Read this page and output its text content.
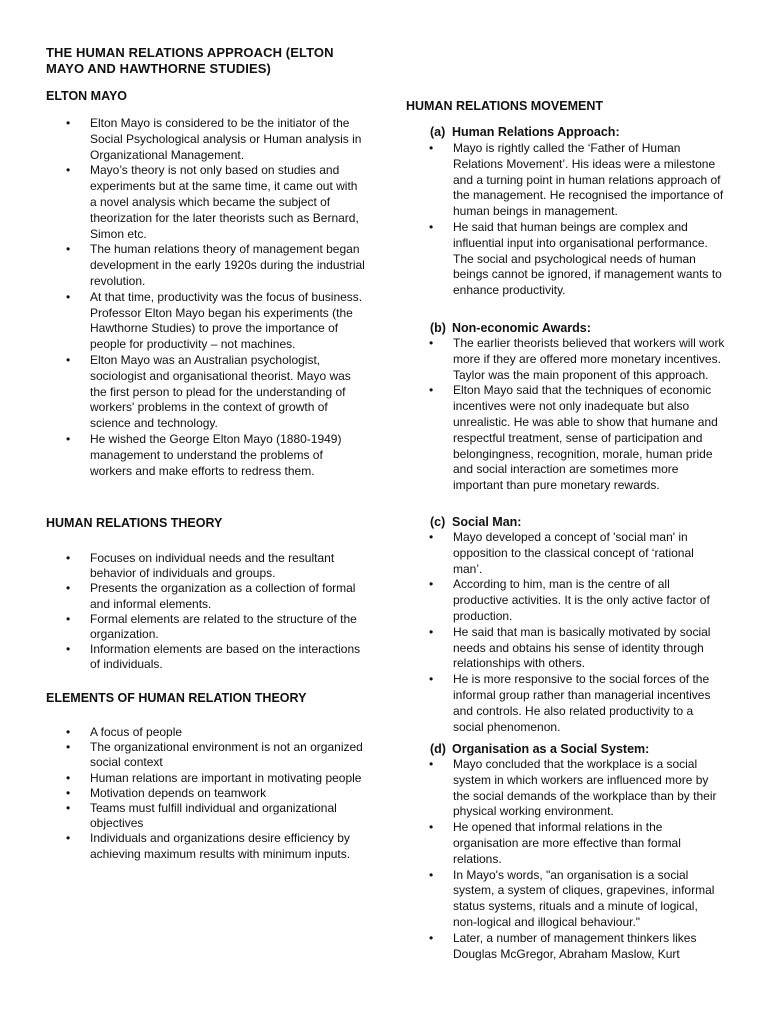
THE HUMAN RELATIONS APPROACH (ELTON MAYO AND HAWTHORNE STUDIES)
ELTON MAYO
• Elton Mayo is considered to be the initiator of the Social Psychological analysis or Human analysis in Organizational Management.
• Mayo’s theory is not only based on studies and experiments but at the same time, it came out with a novel analysis which became the subject of theorization for the later theorists such as Bernard, Simon etc.
• The human relations theory of management began development in the early 1920s during the industrial revolution.
• At that time, productivity was the focus of business. Professor Elton Mayo began his experiments (the Hawthorne Studies) to prove the importance of people for productivity – not machines.
• Elton Mayo was an Australian psychologist, sociologist and organisational theorist. Mayo was the first person to plead for the understanding of workers' problems in the context of growth of science and technology.
• He wished the George Elton Mayo (1880-1949) management to understand the problems of workers and make efforts to redress them.
HUMAN RELATIONS THEORY
• Focuses on individual needs and the resultant behavior of individuals and groups.
• Presents the organization as a collection of formal and informal elements.
• Formal elements are related to the structure of the organization.
• Information elements are based on the interactions of individuals.
ELEMENTS OF HUMAN RELATION THEORY
• A focus of people
• The organizational environment is not an organized social context
• Human relations are important in motivating people
• Motivation depends on teamwork
• Teams must fulfill individual and organizational objectives
• Individuals and organizations desire efficiency by achieving maximum results with minimum inputs.
HUMAN RELATIONS MOVEMENT
(a) Human Relations Approach:
• Mayo is rightly called the ‘Father of Human Relations Movement’. His ideas were a milestone and a turning point in human relations approach of the management. He recognised the importance of human beings in management.
• He said that human beings are complex and influential input into organisational performance. The social and psychological needs of human beings cannot be ignored, if management wants to enhance productivity.
(b) Non-economic Awards:
• The earlier theorists believed that workers will work more if they are offered more monetary incentives. Taylor was the main proponent of this approach.
• Elton Mayo said that the techniques of economic incentives were not only inadequate but also unrealistic. He was able to show that humane and respectful treatment, sense of participation and belongingness, recognition, morale, human pride and social interaction are sometimes more important than pure monetary rewards.
(c) Social Man:
• Mayo developed a concept of 'social man' in opposition to the classical concept of ‘rational man’.
• According to him, man is the centre of all productive activities. It is the only active factor of production.
• He said that man is basically motivated by social needs and obtains his sense of identity through relationships with others.
• He is more responsive to the social forces of the informal group rather than managerial incentives and controls. He also related productivity to a social phenomenon.
(d) Organisation as a Social System:
• Mayo concluded that the workplace is a social system in which workers are influenced more by the social demands of the workplace than by their physical working environment.
• He opened that informal relations in the organisation are more effective than formal relations.
• In Mayo's words, "an organisation is a social system, a system of cliques, grapevines, informal status systems, rituals and a minute of logical, non-logical and illogical behaviour."
• Later, a number of management thinkers likes Douglas McGregor, Abraham Maslow, Kurt
